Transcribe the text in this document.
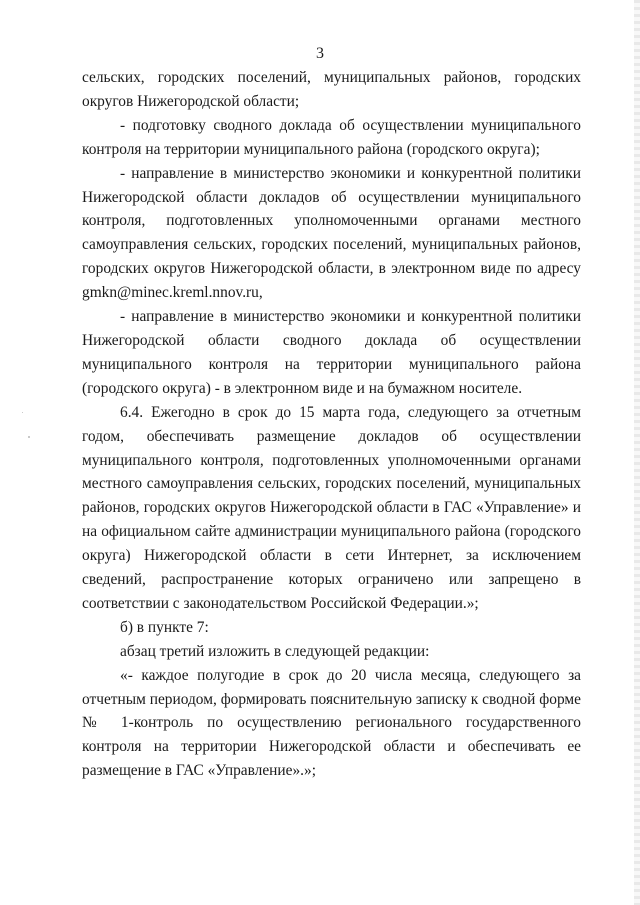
3

сельских, городских поселений, муниципальных районов, городских округов Нижегородской области;

- подготовку сводного доклада об осуществлении муниципального контроля на территории муниципального района (городского округа);

- направление в министерство экономики и конкурентной политики Нижегородской области докладов об осуществлении муниципального контроля, подготовленных уполномоченными органами местного самоуправления сельских, городских поселений, муниципальных районов, городских округов Нижегородской области, в электронном виде по адресу gmkn@minec.kreml.nnov.ru,

- направление в министерство экономики и конкурентной политики Нижегородской области сводного доклада об осуществлении муниципального контроля на территории муниципального района (городского округа) - в электронном виде и на бумажном носителе.

6.4. Ежегодно в срок до 15 марта года, следующего за отчетным годом, обеспечивать размещение докладов об осуществлении муниципального контроля, подготовленных уполномоченными органами местного самоуправления сельских, городских поселений, муниципальных районов, городских округов Нижегородской области в ГАС «Управление» и на официальном сайте администрации муниципального района (городского округа) Нижегородской области в сети Интернет, за исключением сведений, распространение которых ограничено или запрещено в соответствии с законодательством Российской Федерации.»;

б) в пункте 7:

абзац третий изложить в следующей редакции:

«- каждое полугодие в срок до 20 числа месяца, следующего за отчетным периодом, формировать пояснительную записку к сводной форме № 1-контроль по осуществлению регионального государственного контроля на территории Нижегородской области и обеспечивать ее размещение в ГАС «Управление».»;
